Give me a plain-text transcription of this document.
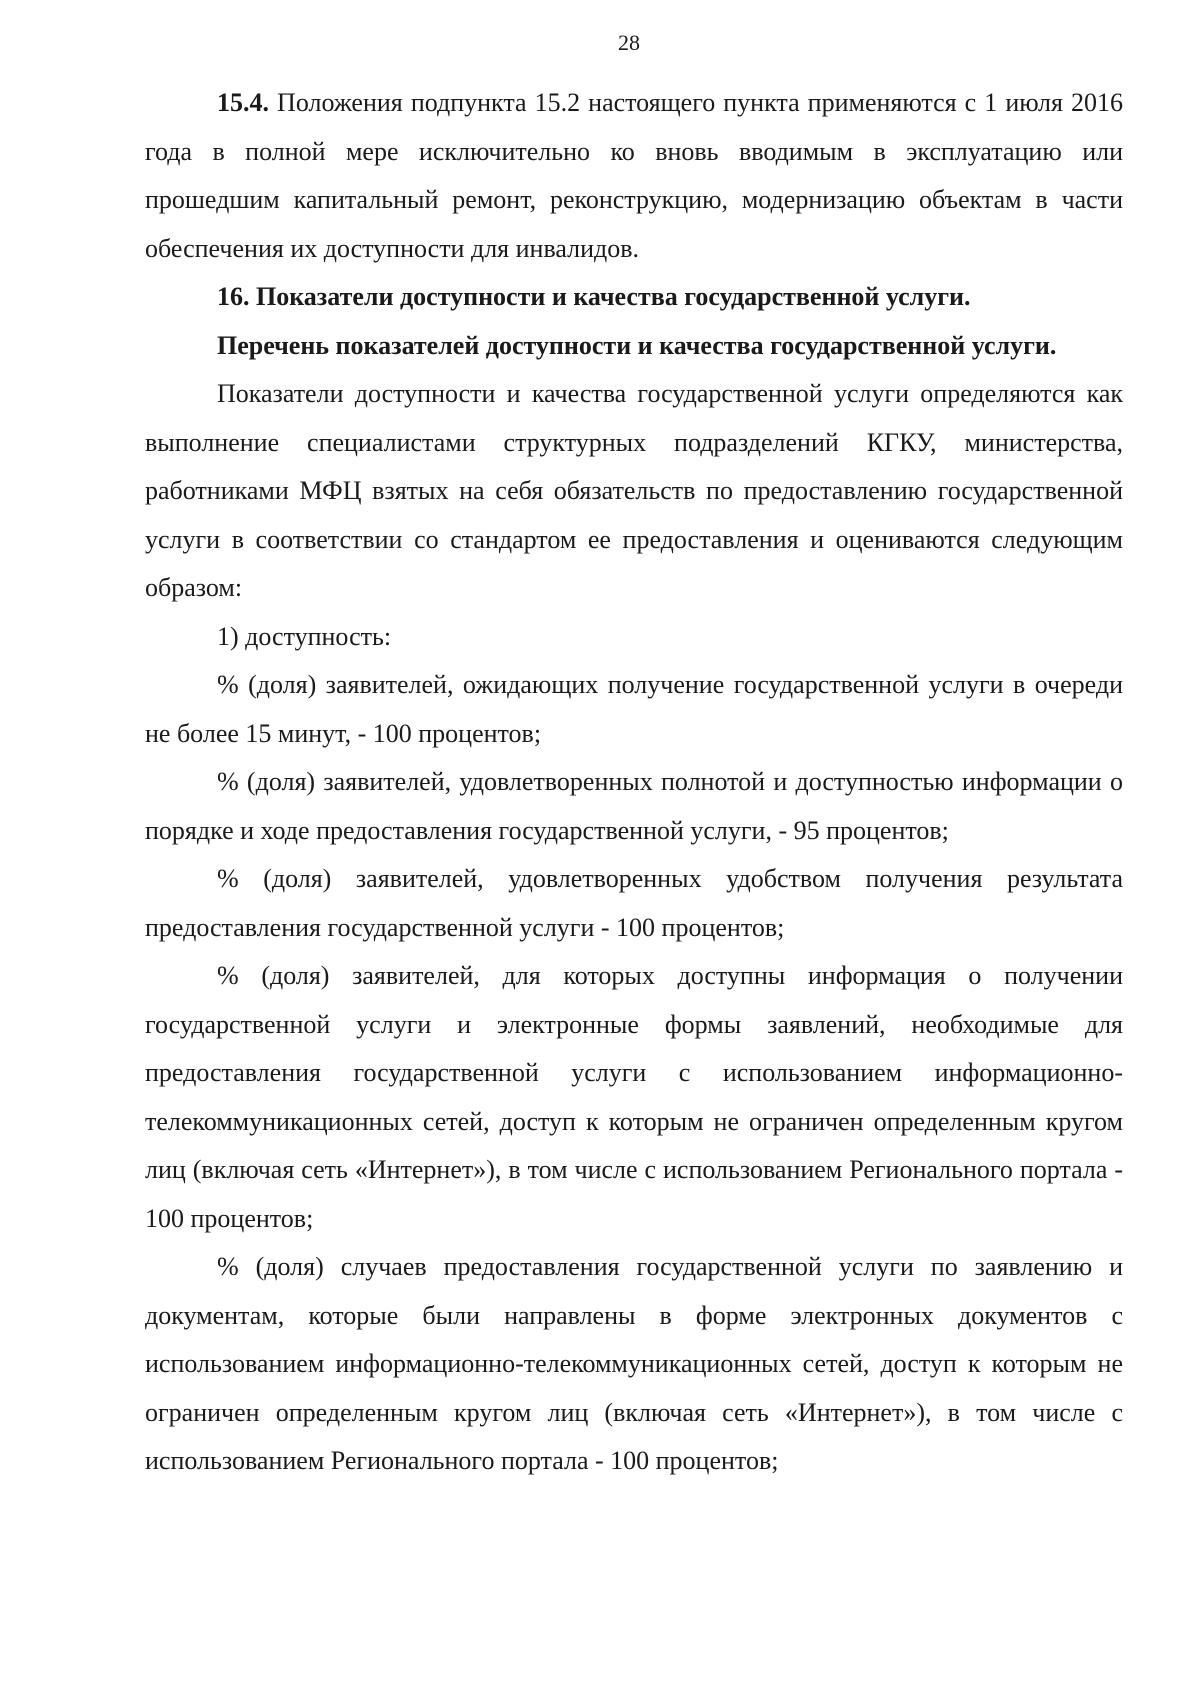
28

15.4. Положения подпункта 15.2 настоящего пункта применяются с 1 июля 2016 года в полной мере исключительно ко вновь вводимым в эксплуатацию или прошедшим капитальный ремонт, реконструкцию, модернизацию объектам в части обеспечения их доступности для инвалидов.

16. Показатели доступности и качества государственной услуги.

Перечень показателей доступности и качества государственной услуги.

Показатели доступности и качества государственной услуги определяются как выполнение специалистами структурных подразделений КГКУ, министерства, работниками МФЦ взятых на себя обязательств по предоставлению государственной услуги в соответствии со стандартом ее предоставления и оцениваются следующим образом:

1) доступность:

% (доля) заявителей, ожидающих получение государственной услуги в очереди не более 15 минут, - 100 процентов;

% (доля) заявителей, удовлетворенных полнотой и доступностью информации о порядке и ходе предоставления государственной услуги, - 95 процентов;

% (доля) заявителей, удовлетворенных удобством получения результата предоставления государственной услуги - 100 процентов;

% (доля) заявителей, для которых доступны информация о получении государственной услуги и электронные формы заявлений, необходимые для предоставления государственной услуги с использованием информационно-телекоммуникационных сетей, доступ к которым не ограничен определенным кругом лиц (включая сеть «Интернет»), в том числе с использованием Регионального портала - 100 процентов;

% (доля) случаев предоставления государственной услуги по заявлению и документам, которые были направлены в форме электронных документов с использованием информационно-телекоммуникационных сетей, доступ к которым не ограничен определенным кругом лиц (включая сеть «Интернет»), в том числе с использованием Регионального портала - 100 процентов;
